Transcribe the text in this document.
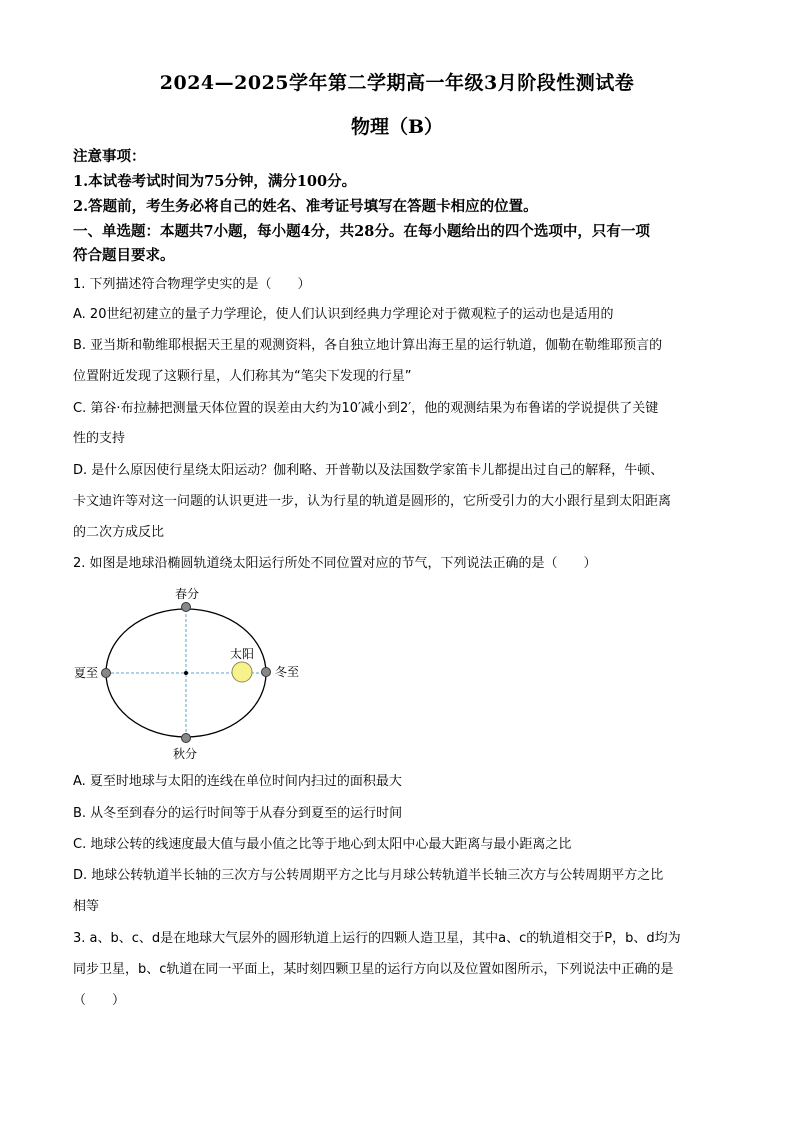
2024—2025学年第二学期高一年级3月阶段性测试卷
物理（B）
注意事项：
1.本试卷考试时间为75分钟，满分100分。
2.答题前，考生务必将自己的姓名、准考证号填写在答题卡相应的位置。
一、单选题：本题共7小题，每小题4分，共28分。在每小题给出的四个选项中，只有一项
符合题目要求。
1. 下列描述符合物理学史实的是（　　）
A. 20世纪初建立的量子力学理论，使人们认识到经典力学理论对于微观粒子的运动也是适用的
B. 亚当斯和勒维耶根据天王星的观测资料，各自独立地计算出海王星的运行轨道，伽勒在勒维耶预言的
位置附近发现了这颗行星，人们称其为“笔尖下发现的行星”
C. 第谷·布拉赫把测量天体位置的误差由大约为10′减小到2′，他的观测结果为布鲁诺的学说提供了关键
性的支持
D. 是什么原因使行星绕太阳运动？伽利略、开普勒以及法国数学家笛卡儿都提出过自己的解释，牛顿、
卡文迪许等对这一问题的认识更进一步，认为行星的轨道是圆形的，它所受引力的大小跟行星到太阳距离
的二次方成反比
2. 如图是地球沿椭圆轨道绕太阳运行所处不同位置对应的节气，下列说法正确的是（　　）
太阳
春分
夏至
秋分
冬至
A. 夏至时地球与太阳的连线在单位时间内扫过的面积最大
B. 从冬至到春分的运行时间等于从春分到夏至的运行时间
C. 地球公转的线速度最大值与最小值之比等于地心到太阳中心最大距离与最小距离之比
D. 地球公转轨道半长轴的三次方与公转周期平方之比与月球公转轨道半长轴三次方与公转周期平方之比
相等
3. a、b、c、d是在地球大气层外的圆形轨道上运行的四颗人造卫星，其中a、c的轨道相交于P，b、d均为
同步卫星，b、c轨道在同一平面上，某时刻四颗卫星的运行方向以及位置如图所示，下列说法中正确的是
（　　）
